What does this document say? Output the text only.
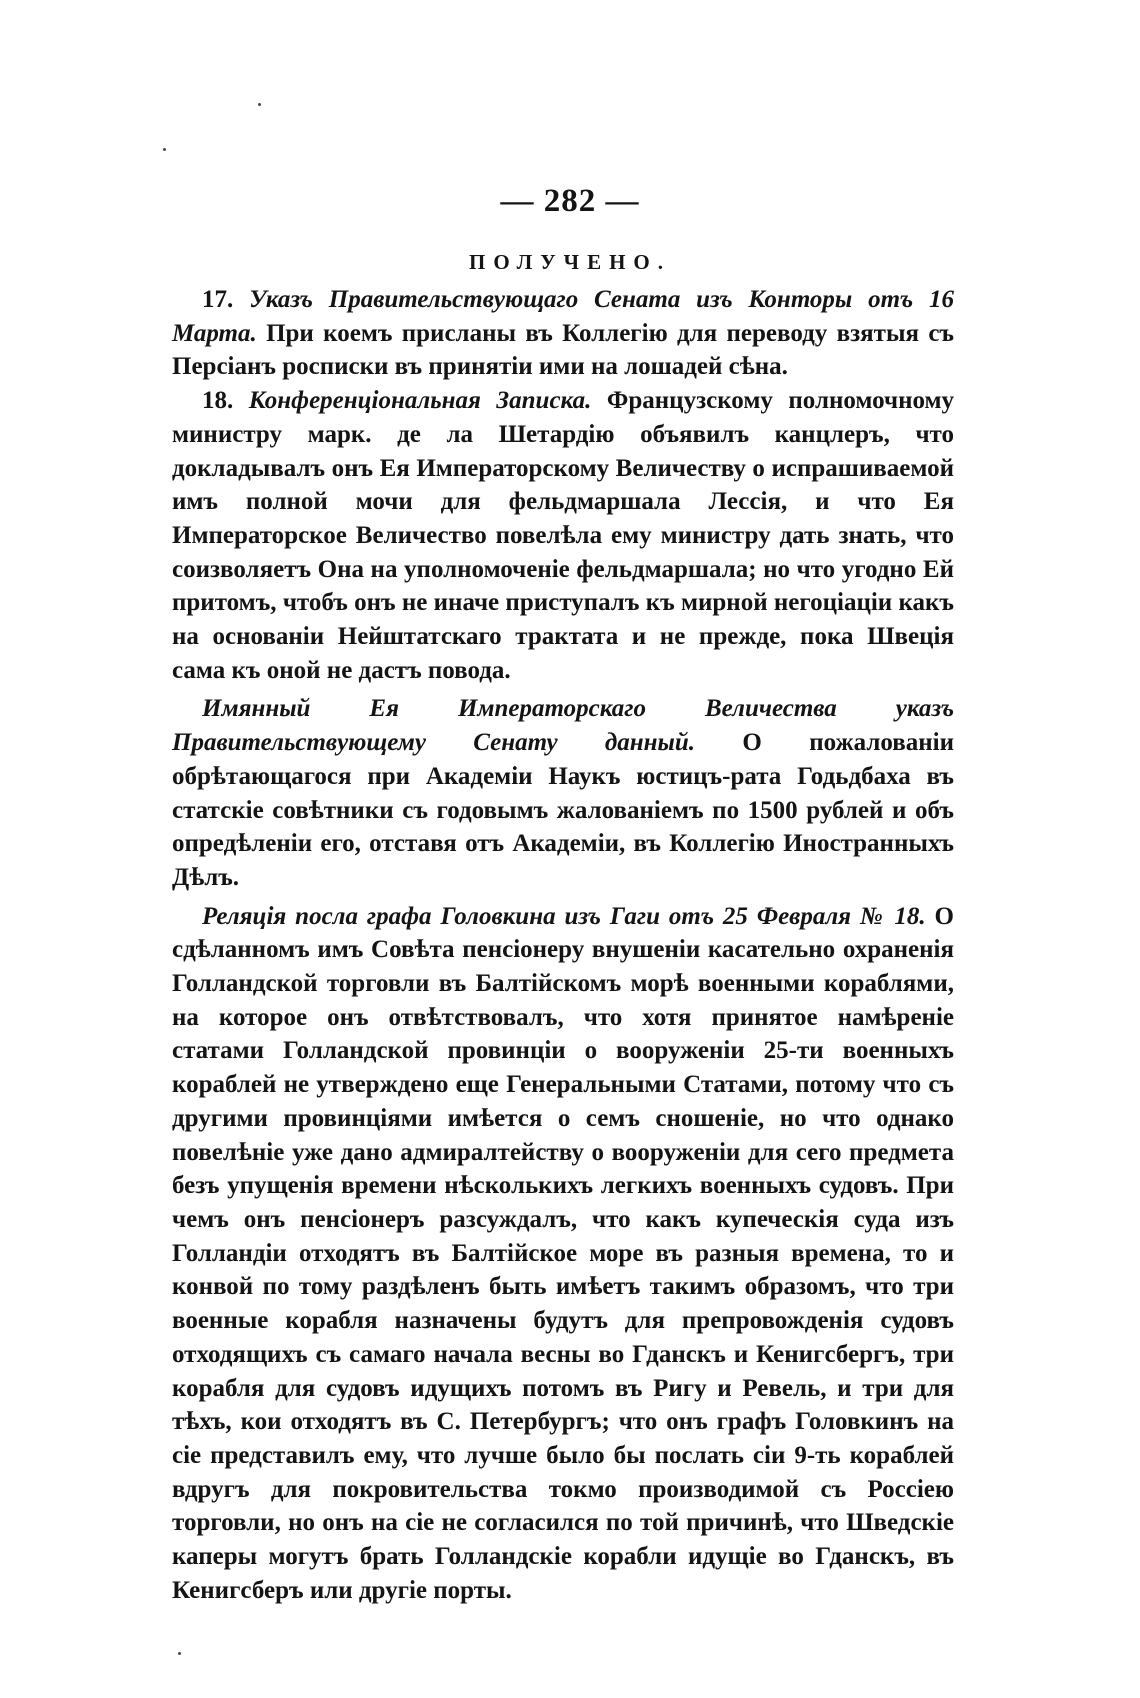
— 282 —
ПОЛУЧЕНО.

17. Указъ Правительствующаго Сената изъ Конторы отъ 16 Марта. При коемъ присланы въ Коллегію для переводу взятыя съ Персіанъ росписки въ принятіи ими на лошадей сѣна.

18. Конференціональная Записка. Французскому полномочному министру марк. де ла Шетардію объявилъ канцлеръ, что докладывалъ онъ Ея Императорскому Величеству о испрашиваемой имъ полной мочи для фельдмаршала Лессія, и что Ея Императорское Величество повелѣла ему министру дать знать, что соизволяетъ Она на уполномоченіе фельдмаршала; но что угодно Ей притомъ, чтобъ онъ не иначе приступалъ къ мирной негоціаціи какъ на основаніи Нейштатскаго трактата и не прежде, пока Швеція сама къ оной не дастъ повода.

Имянный Ея Императорскаго Величества указъ Правительствующему Сенату данный. О пожалованіи обрѣтающагося при Академіи Наукъ юстицъ-рата Годьдбаха въ статскіе совѣтники съ годовымъ жалованіемъ по 1500 рублей и объ опредѣленіи его, отставя отъ Академіи, въ Коллегію Иностранныхъ Дѣлъ.

Реляція посла графа Головкина изъ Гаги отъ 25 Февраля № 18. О сдѣланномъ имъ Совѣта пенсіонеру внушеніи касательно охраненія Голландской торговли въ Балтійскомъ морѣ военными кораблями, на которое онъ отвѣтствовалъ, что хотя принятое намѣреніе статами Голландской провинціи о вооруженіи 25-ти военныхъ кораблей не утверждено еще Генеральными Статами, потому что съ другими провинціями имѣется о семъ сношеніе, но что однако повелѣніе уже дано адмиралтейству о вооруженіи для сего предмета безъ упущенія времени нѣсколькихъ легкихъ военныхъ судовъ. При чемъ онъ пенсіонеръ разсуждалъ, что какъ купеческія суда изъ Голландіи отходятъ въ Балтійское море въ разныя времена, то и конвой по тому раздѣленъ быть имѣетъ такимъ образомъ, что три военные корабля назначены будутъ для препровожденія судовъ отходящихъ съ самаго начала весны во Гданскъ и Кенигсбергъ, три корабля для судовъ идущихъ потомъ въ Ригу и Ревель, и три для тѣхъ, кои отходятъ въ С. Петербургъ; что онъ графъ Головкинъ на сіе представилъ ему, что лучше было бы послать сіи 9-ть кораблей вдругъ для покровительства токмо производимой съ Россіею торговли, но онъ на сіе не согласился по той причинѣ, что Шведскіе каперы могутъ брать Голландскіе корабли идущіе во Гданскъ, въ Кенигсберъ или другіе порты.
